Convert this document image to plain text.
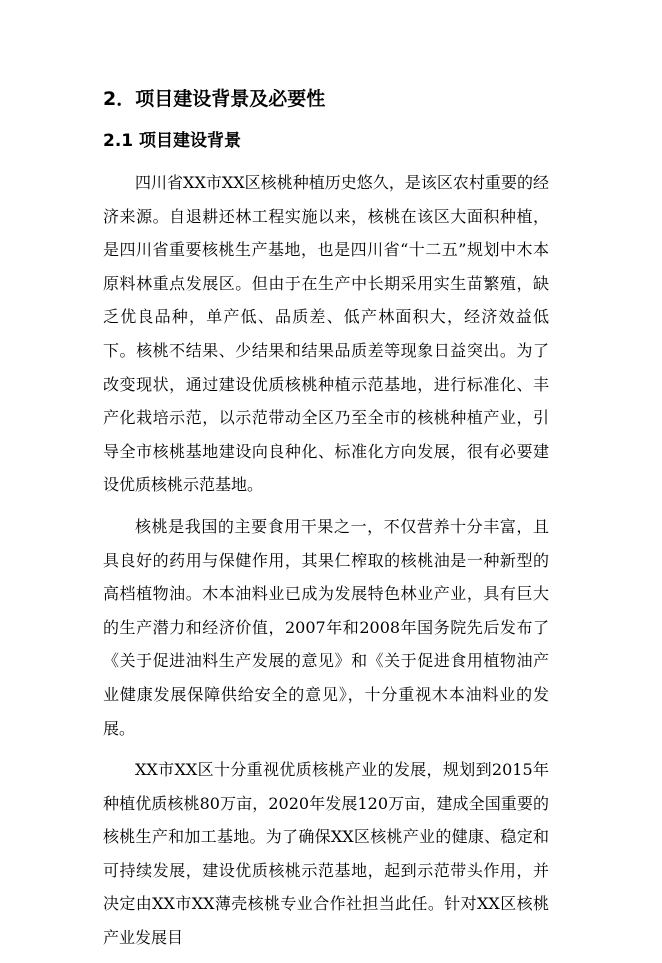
2．项目建设背景及必要性
2.1 项目建设背景

四川省XX市XX区核桃种植历史悠久，是该区农村重要的经济来源。自退耕还林工程实施以来，核桃在该区大面积种植，是四川省重要核桃生产基地，也是四川省“十二五”规划中木本原料林重点发展区。但由于在生产中长期采用实生苗繁殖，缺乏优良品种，单产低、品质差、低产林面积大，经济效益低下。核桃不结果、少结果和结果品质差等现象日益突出。为了改变现状，通过建设优质核桃种植示范基地，进行标准化、丰产化栽培示范，以示范带动全区乃至全市的核桃种植产业，引导全市核桃基地建设向良种化、标准化方向发展，很有必要建设优质核桃示范基地。

核桃是我国的主要食用干果之一，不仅营养十分丰富，且具良好的药用与保健作用，其果仁榨取的核桃油是一种新型的高档植物油。木本油料业已成为发展特色林业产业，具有巨大的生产潜力和经济价值，2007年和2008年国务院先后发布了《关于促进油料生产发展的意见》和《关于促进食用植物油产业健康发展保障供给安全的意见》，十分重视木本油料业的发展。

XX市XX区十分重视优质核桃产业的发展，规划到2015年种植优质核桃80万亩，2020年发展120万亩，建成全国重要的核桃生产和加工基地。为了确保XX区核桃产业的健康、稳定和可持续发展，建设优质核桃示范基地，起到示范带头作用，并决定由XX市XX薄壳核桃专业合作社担当此任。针对XX区核桃产业发展目
